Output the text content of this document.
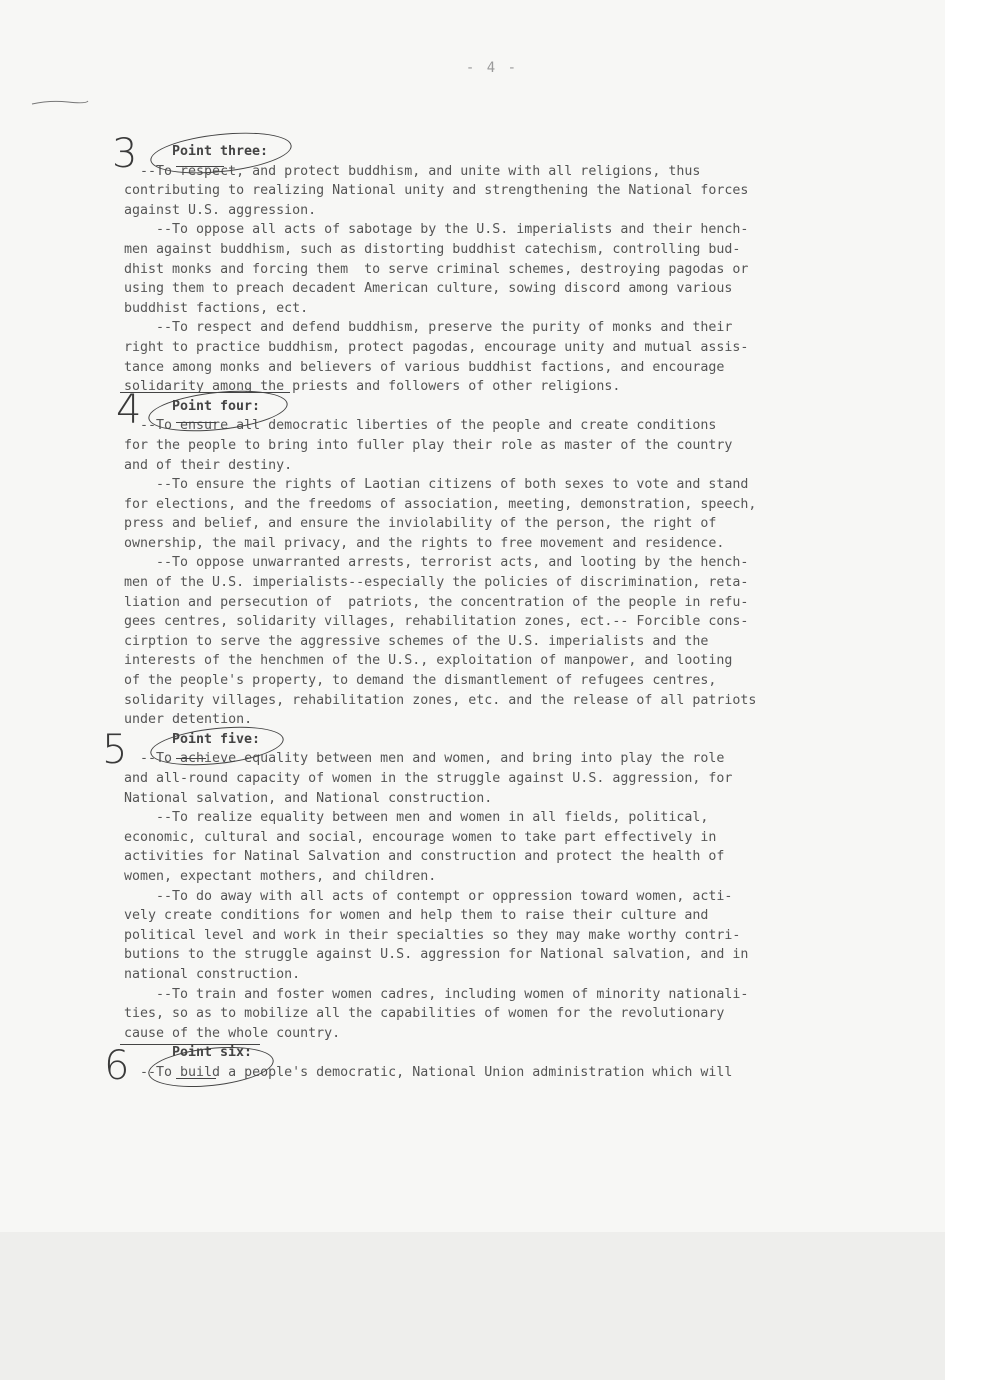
- 4 -
Point three:
--To respect, and protect buddhism, and unite with all religions, thus
contributing to realizing National unity and strengthening the National forces
against U.S. aggression.
--To oppose all acts of sabotage by the U.S. imperialists and their hench-
men against buddhism, such as distorting buddhist catechism, controlling bud-
dhist monks and forcing them  to serve criminal schemes, destroying pagodas or
using them to preach decadent American culture, sowing discord among various
buddhist factions, ect.
--To respect and defend buddhism, preserve the purity of monks and their
right to practice buddhism, protect pagodas, encourage unity and mutual assis-
tance among monks and believers of various buddhist factions, and encourage
solidarity among the priests and followers of other religions.
Point four:
--To ensure all democratic liberties of the people and create conditions
for the people to bring into fuller play their role as master of the country
and of their destiny.
--To ensure the rights of Laotian citizens of both sexes to vote and stand
for elections, and the freedoms of association, meeting, demonstration, speech,
press and belief, and ensure the inviolability of the person, the right of
ownership, the mail privacy, and the rights to free movement and residence.
--To oppose unwarranted arrests, terrorist acts, and looting by the hench-
men of the U.S. imperialists--especially the policies of discrimination, reta-
liation and persecution of  patriots, the concentration of the people in refu-
gees centres, solidarity villages, rehabilitation zones, ect.-- Forcible cons-
cirption to serve the aggressive schemes of the U.S. imperialists and the
interests of the henchmen of the U.S., exploitation of manpower, and looting
of the people's property, to demand the dismantlement of refugees centres,
solidarity villages, rehabilitation zones, etc. and the release of all patriots
under detention.
Point five:
--To achieve equality between men and women, and bring into play the role
and all-round capacity of women in the struggle against U.S. aggression, for
National salvation, and National construction.
--To realize equality between men and women in all fields, political,
economic, cultural and social, encourage women to take part effectively in
activities for Natinal Salvation and construction and protect the health of
women, expectant mothers, and children.
--To do away with all acts of contempt or oppression toward women, acti-
vely create conditions for women and help them to raise their culture and
political level and work in their specialties so they may make worthy contri-
butions to the struggle against U.S. aggression for National salvation, and in
national construction.
--To train and foster women cadres, including women of minority nationali-
ties, so as to mobilize all the capabilities of women for the revolutionary
cause of the whole country.
Point six:
--To build a people's democratic, National Union administration which will
3
4
5
6
